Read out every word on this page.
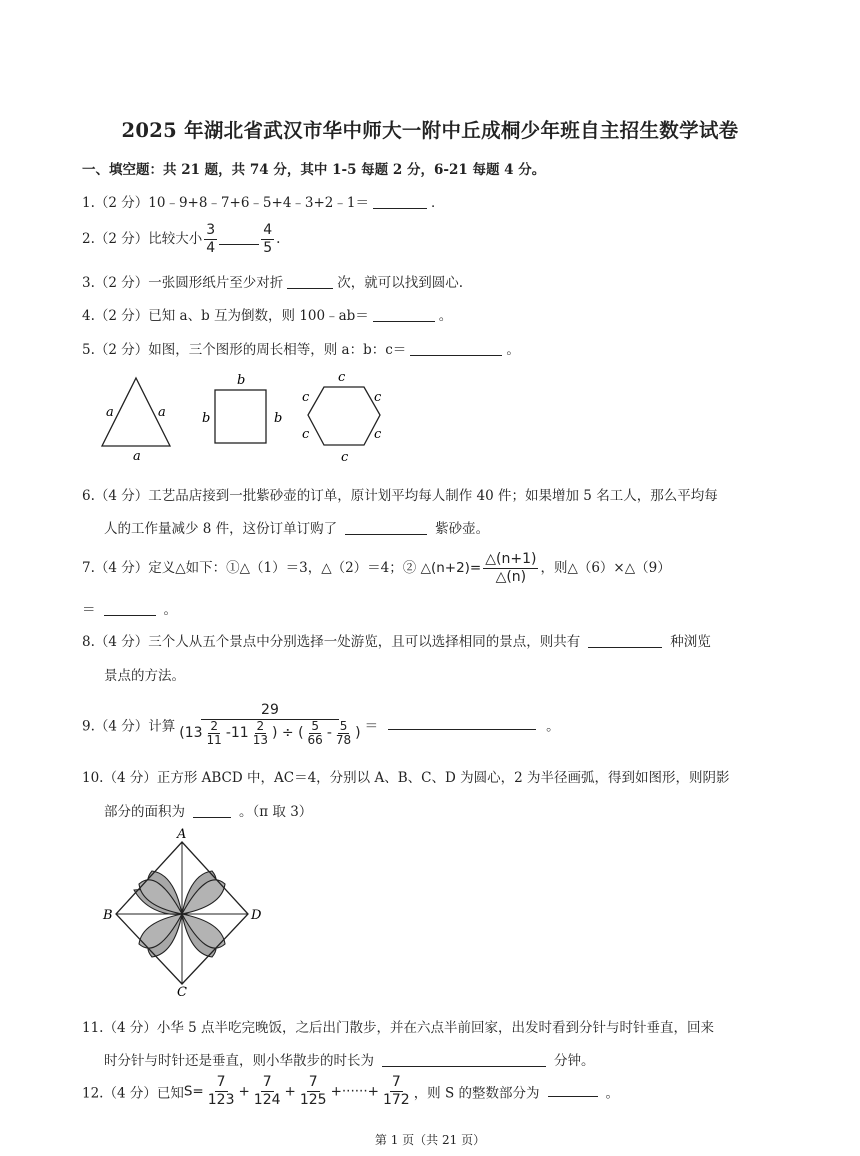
2025 年湖北省武汉市华中师大一附中丘成桐少年班自主招生数学试卷
一、填空题：共 21 题，共 74 分，其中 1-5 每题 2 分，6-21 每题 4 分。
1.（2 分）10﹣9+8﹣7+6﹣5+4﹣3+2﹣1＝	．
2.（2 分）比较大小 $\frac{3}{4}$	$\frac{4}{5}$ .
3.（2 分）一张圆形纸片至少对折	次，就可以找到圆心.
4.（2 分）已知 a、b 互为倒数，则 100﹣ab＝	。
5.（2 分）如图，三个图形的周长相等，则 a：b：c＝	。
a	a
a
b
b	b
c
c	c
c	c
c
6.（4 分）工艺品店接到一批紫砂壶的订单，原计划平均每人制作 40 件；如果增加 5 名工人，那么平均每
人的工作量减少 8 件，这份订单订购了	紫砂壶。
7.（4 分）定义△如下：①△（1）＝3，△（2）＝4；② △(n+2)= $\frac{\triangle(n+1)}{\triangle(n)}$ ，则△（6）×△（9）
＝	。
8.（4 分）三个人从五个景点中分别选择一处游览，且可以选择相同的景点，则共有	种浏览
景点的方法。
9.（4 分）计算 $\frac{29}{(13 \frac{2}{11} -11 \frac{2}{13} ) \div ( \frac{5}{66} - \frac{5}{78} )}$ ＝	。
10.（4 分）正方形 ABCD 中，AC＝4，分别以 A、B、C、D 为圆心，2 为半径画弧，得到如图形，则阴影
部分的面积为	。（π 取 3）
A
B	D
C
11.（4 分）小华 5 点半吃完晚饭，之后出门散步，并在六点半前回家，出发时看到分针与时针垂直，回来
时分针与时针还是垂直，则小华散步的时长为	分钟。
12.（4 分）已知$S= \frac{7}{123} + \frac{7}{124} + \frac{7}{125}$ +······+ $\frac{7}{172}$ ，则 S 的整数部分为	。
第 1 页（共 21 页）
